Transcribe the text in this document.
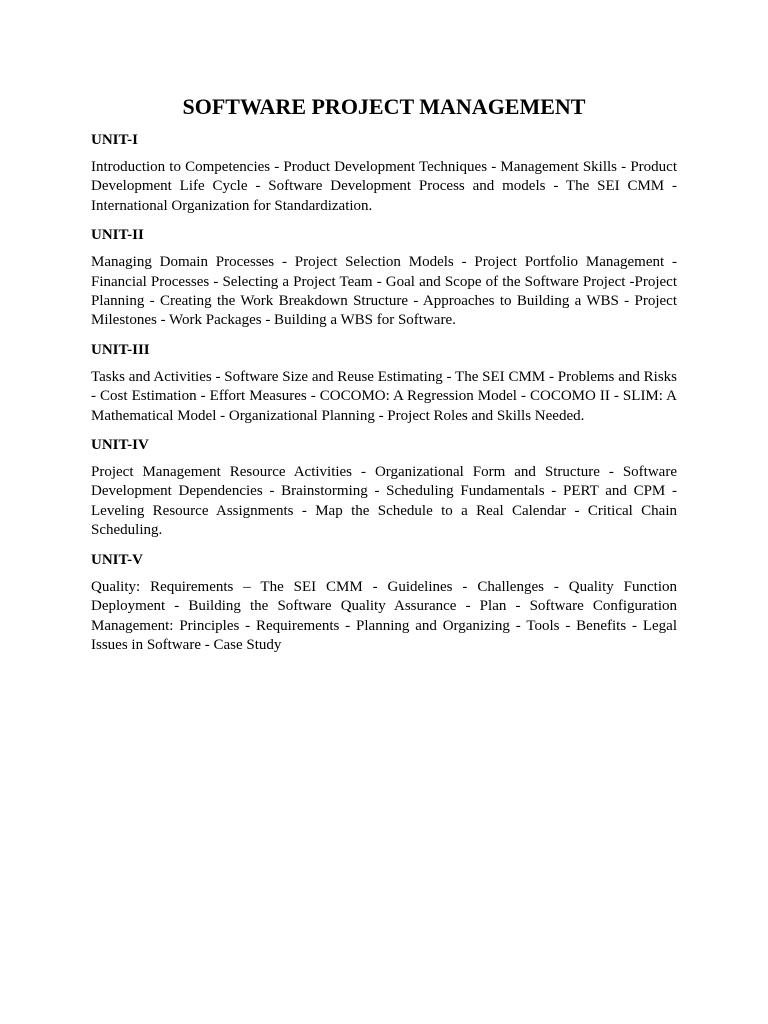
SOFTWARE PROJECT MANAGEMENT
UNIT-I

Introduction to Competencies - Product Development Techniques - Management Skills - Product Development Life Cycle - Software Development Process and models - The SEI CMM - International Organization for Standardization.

UNIT-II

Managing Domain Processes - Project Selection Models - Project Portfolio Management - Financial Processes - Selecting a Project Team - Goal and Scope of the Software Project -Project Planning - Creating the Work Breakdown Structure - Approaches to Building a WBS - Project Milestones - Work Packages - Building a WBS for Software.

UNIT-III

Tasks and Activities - Software Size and Reuse Estimating - The SEI CMM - Problems and Risks - Cost Estimation - Effort Measures - COCOMO: A Regression Model - COCOMO II - SLIM: A Mathematical Model - Organizational Planning - Project Roles and Skills Needed.

UNIT-IV

Project Management Resource Activities - Organizational Form and Structure - Software Development Dependencies - Brainstorming - Scheduling Fundamentals - PERT and CPM - Leveling Resource Assignments - Map the Schedule to a Real Calendar - Critical Chain Scheduling.

UNIT-V

Quality: Requirements – The SEI CMM - Guidelines - Challenges - Quality Function Deployment - Building the Software Quality Assurance - Plan - Software Configuration Management: Principles - Requirements - Planning and Organizing - Tools - Benefits - Legal Issues in Software - Case Study
